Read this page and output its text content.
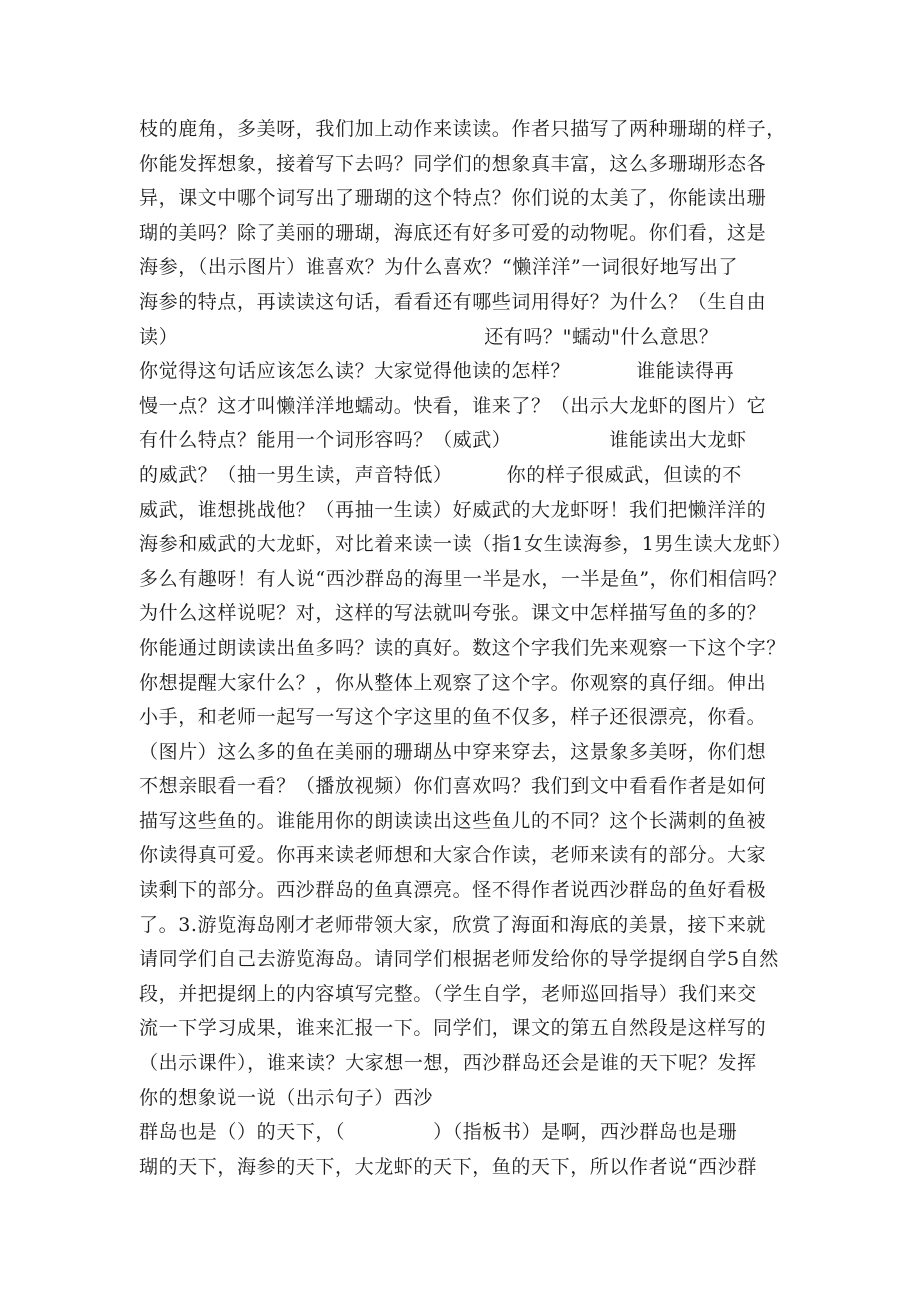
枝的鹿角，多美呀，我们加上动作来读读。作者只描写了两种珊瑚的样子，
你能发挥想象，接着写下去吗？同学们的想象真丰富，这么多珊瑚形态各
异，课文中哪个词写出了珊瑚的这个特点？你们说的太美了，你能读出珊
瑚的美吗？除了美丽的珊瑚，海底还有好多可爱的动物呢。你们看，这是
海参，（出示图片）谁喜欢？为什么喜欢？“懒洋洋”一词很好地写出了
海参的特点，再读读这句话，看看还有哪些词用得好？为什么？（生自由
读）	还有吗？"蠕动"什么意思？
你觉得这句话应该怎么读？大家觉得他读的怎样？	谁能读得再
慢一点？这才叫懒洋洋地蠕动。快看，谁来了？（出示大龙虾的图片）它
有什么特点？能用一个词形容吗？（威武）	谁能读出大龙虾
的威武？（抽一男生读，声音特低）	你的样子很威武，但读的不
威武，谁想挑战他？（再抽一生读）好威武的大龙虾呀！我们把懒洋洋的
海参和威武的大龙虾，对比着来读一读（指1女生读海参，1男生读大龙虾）
多么有趣呀！有人说“西沙群岛的海里一半是水，一半是鱼”，你们相信吗？
为什么这样说呢？对，这样的写法就叫夸张。课文中怎样描写鱼的多的？
你能通过朗读读出鱼多吗？读的真好。数这个字我们先来观察一下这个字？
你想提醒大家什么？，你从整体上观察了这个字。你观察的真仔细。伸出
小手，和老师一起写一写这个字这里的鱼不仅多，样子还很漂亮，你看。
（图片）这么多的鱼在美丽的珊瑚丛中穿来穿去，这景象多美呀，你们想
不想亲眼看一看？（播放视频）你们喜欢吗？我们到文中看看作者是如何
描写这些鱼的。谁能用你的朗读读出这些鱼儿的不同？这个长满刺的鱼被
你读得真可爱。你再来读老师想和大家合作读，老师来读有的部分。大家
读剩下的部分。西沙群岛的鱼真漂亮。怪不得作者说西沙群岛的鱼好看极
了。3.游览海岛刚才老师带领大家，欣赏了海面和海底的美景，接下来就
请同学们自己去游览海岛。请同学们根据老师发给你的导学提纲自学5自然
段，并把提纲上的内容填写完整。（学生自学，老师巡回指导）我们来交
流一下学习成果，谁来汇报一下。同学们，课文的第五自然段是这样写的
（出示课件），谁来读？大家想一想，西沙群岛还会是谁的天下呢？发挥
你的想象说一说（出示句子）西沙
群岛也是（）的天下，（	）（指板书）是啊，西沙群岛也是珊
瑚的天下，海参的天下，大龙虾的天下，鱼的天下，所以作者说“西沙群
